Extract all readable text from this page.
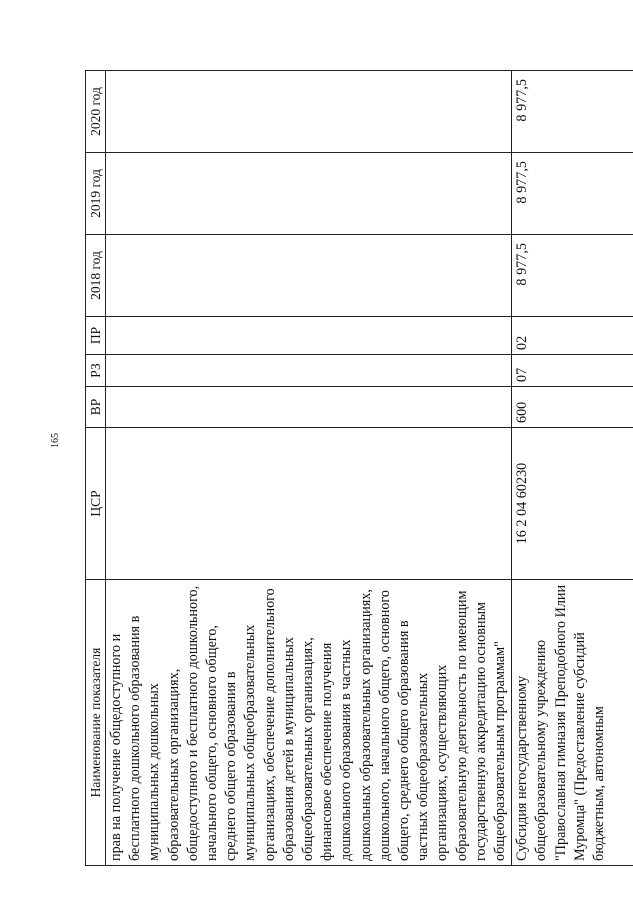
165
Наименование показателя	ЦСР	ВР	РЗ	ПР	2018 год	2019 год	2020 год
прав на получение общедоступного и бесплатного дошкольного образования в муниципальных дошкольных образовательных организациях, общедоступного и бесплатного дошкольного, начального общего, основного общего, среднего общего образования в муниципальных общеобразовательных организациях, обеспечение дополнительного образования детей в муниципальных общеобразовательных организациях, финансовое обеспечение получения дошкольного образования в частных дошкольных образовательных организациях, дошкольного, начального общего, основного общего, среднего общего образования в частных общеобразовательных организациях, осуществляющих образовательную деятельность по имеющим государственную аккредитацию основным общеобразовательным программам"							
Субсидия негосударственному общеобразовательному учреждению "Православная гимназия Преподобного Илии Муромца" (Предоставление субсидий бюджетным, автономным	16 2 04 60230	600	07	02	8 977,5	8 977,5	8 977,5
